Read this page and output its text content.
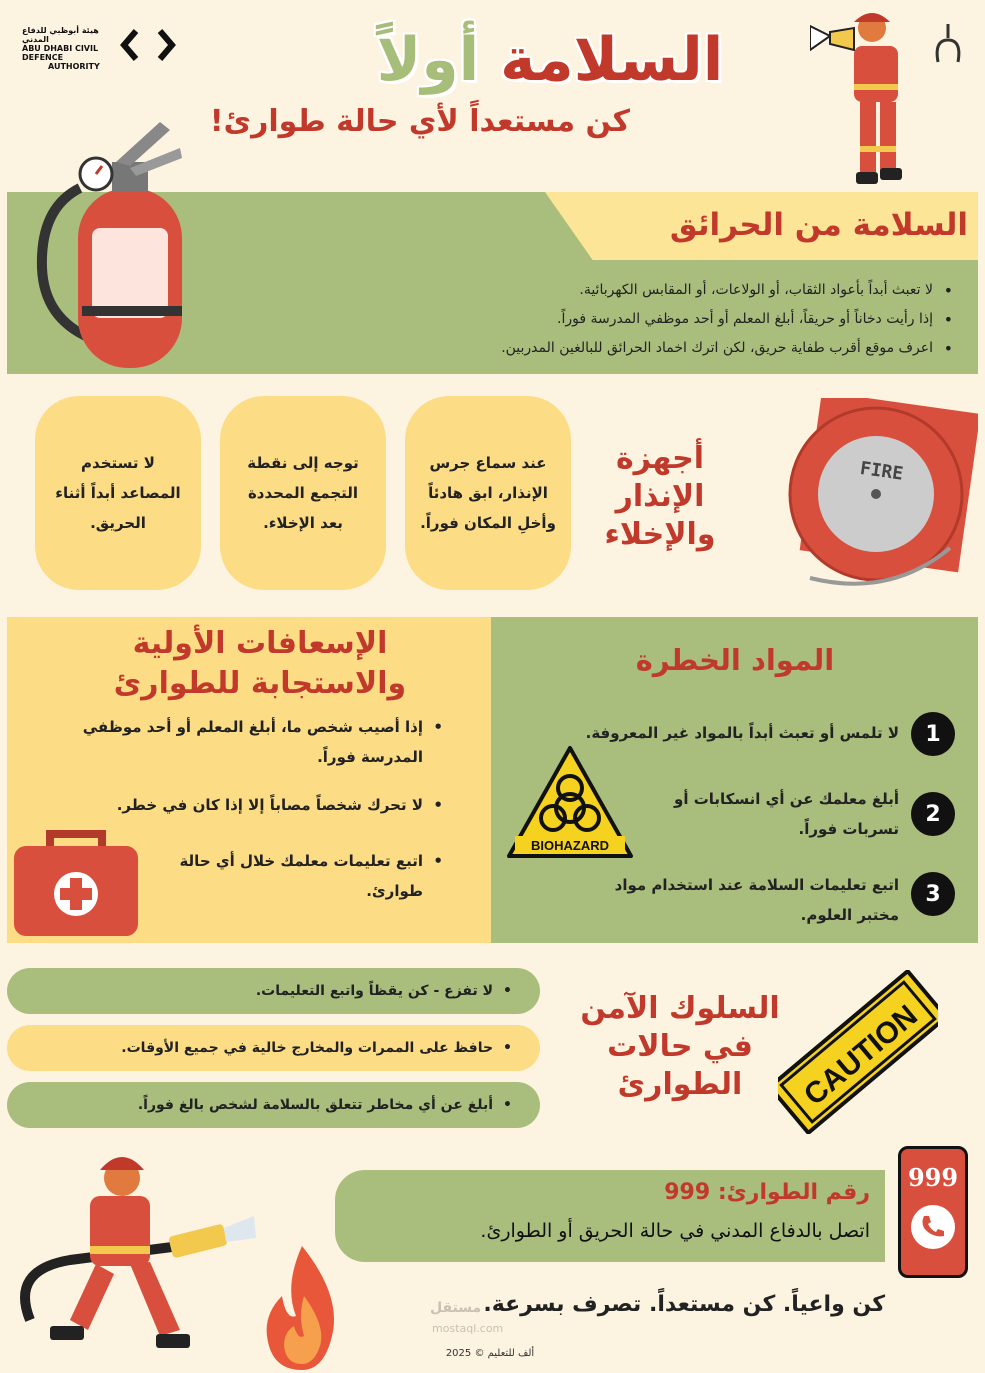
هيئة أبوظبي للدفاع المدني
ABU DHABI CIVIL DEFENCE
AUTHORITY	السلامة أولاً
كن مستعداً لأي حالة طوارئ!
السلامة من الحرائق
• لا تعبث أبداً بأعواد الثقاب، أو الولاعات، أو المقابس الكهربائية.
• إذا رأيت دخاناً أو حريقاً، أبلغ المعلم أو أحد موظفي المدرسة فوراً.
• اعرف موقع أقرب طفاية حريق، لكن اترك اخماد الحرائق للبالغين المدربين.
عند سماع جرس الإنذار، ابق هادئاً وأخلِ المكان فوراً.
توجه إلى نقطة التجمع المحددة بعد الإخلاء.
لا تستخدم المصاعد أبداً أثناء الحريق.
أجهزة
الإنذار
والإخلاء
FIRE
الإسعافات الأولية
والاستجابة للطوارئ
• إذا أصيب شخص ما، أبلغ المعلم أو أحد موظفي المدرسة فوراً.
• لا تحرك شخصاً مصاباً إلا إذا كان في خطر.
• اتبع تعليمات معلمك خلال أي حالة طوارئ.
المواد الخطرة
1
لا تلمس أو تعبث أبداً بالمواد غير المعروفة.
2
أبلغ معلمك عن أي انسكابات أو تسربات فوراً.
3
اتبع تعليمات السلامة عند استخدام مواد مختبر العلوم.
BIOHAZARD
•
لا تفزع - كن يقظاً واتبع التعليمات.
•
حافظ على الممرات والمخارج خالية في جميع الأوقات.
•
أبلغ عن أي مخاطر تتعلق بالسلامة لشخص بالغ فوراً.
السلوك الآمن
في حالات
الطوارئ	CAUTION
رقم الطوارئ: 999
اتصل بالدفاع المدني في حالة الحريق أو الطوارئ.
999
كن واعياً. كن مستعداً. تصرف بسرعة.
مستقل
mostaql.com
ألف للتعليم © 2025
